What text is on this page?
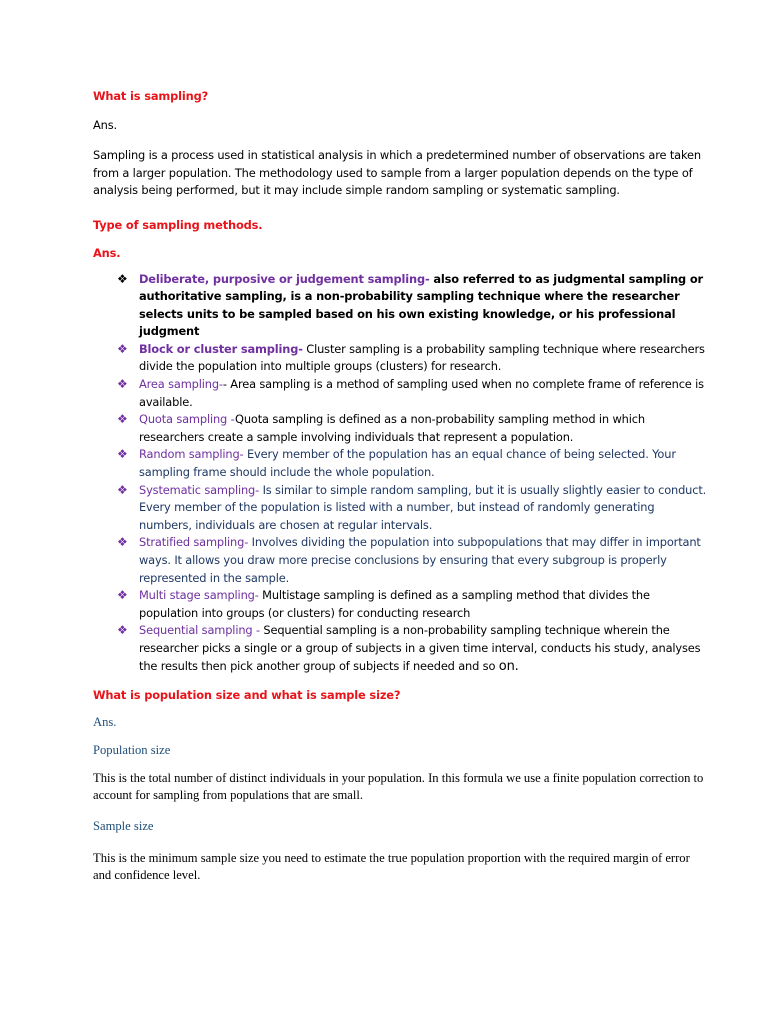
What is sampling?
Ans.
Sampling is a process used in statistical analysis in which a predetermined number of observations are taken from a larger population. The methodology used to sample from a larger population depends on the type of analysis being performed, but it may include simple random sampling or systematic sampling.
Type of sampling methods.
Ans.
❖ Deliberate, purposive or judgement sampling- also referred to as judgmental sampling or authoritative sampling, is a non-probability sampling technique where the researcher selects units to be sampled based on his own existing knowledge, or his professional judgment
❖ Block or cluster sampling- Cluster sampling is a probability sampling technique where researchers divide the population into multiple groups (clusters) for research.
❖ Area sampling-- Area sampling is a method of sampling used when no complete frame of reference is available.
❖ Quota sampling -Quota sampling is defined as a non-probability sampling method in which researchers create a sample involving individuals that represent a population.
❖ Random sampling- Every member of the population has an equal chance of being selected. Your sampling frame should include the whole population.
❖ Systematic sampling- Is similar to simple random sampling, but it is usually slightly easier to conduct. Every member of the population is listed with a number, but instead of randomly generating numbers, individuals are chosen at regular intervals.
❖ Stratified sampling- Involves dividing the population into subpopulations that may differ in important ways. It allows you draw more precise conclusions by ensuring that every subgroup is properly represented in the sample.
❖ Multi stage sampling- Multistage sampling is defined as a sampling method that divides the population into groups (or clusters) for conducting research
❖ Sequential sampling - Sequential sampling is a non-probability sampling technique wherein the researcher picks a single or a group of subjects in a given time interval, conducts his study, analyses the results then pick another group of subjects if needed and so on.
What is population size and what is sample size?
Ans.
Population size
This is the total number of distinct individuals in your population. In this formula we use a finite population correction to account for sampling from populations that are small.
Sample size
This is the minimum sample size you need to estimate the true population proportion with the required margin of error and confidence level.
